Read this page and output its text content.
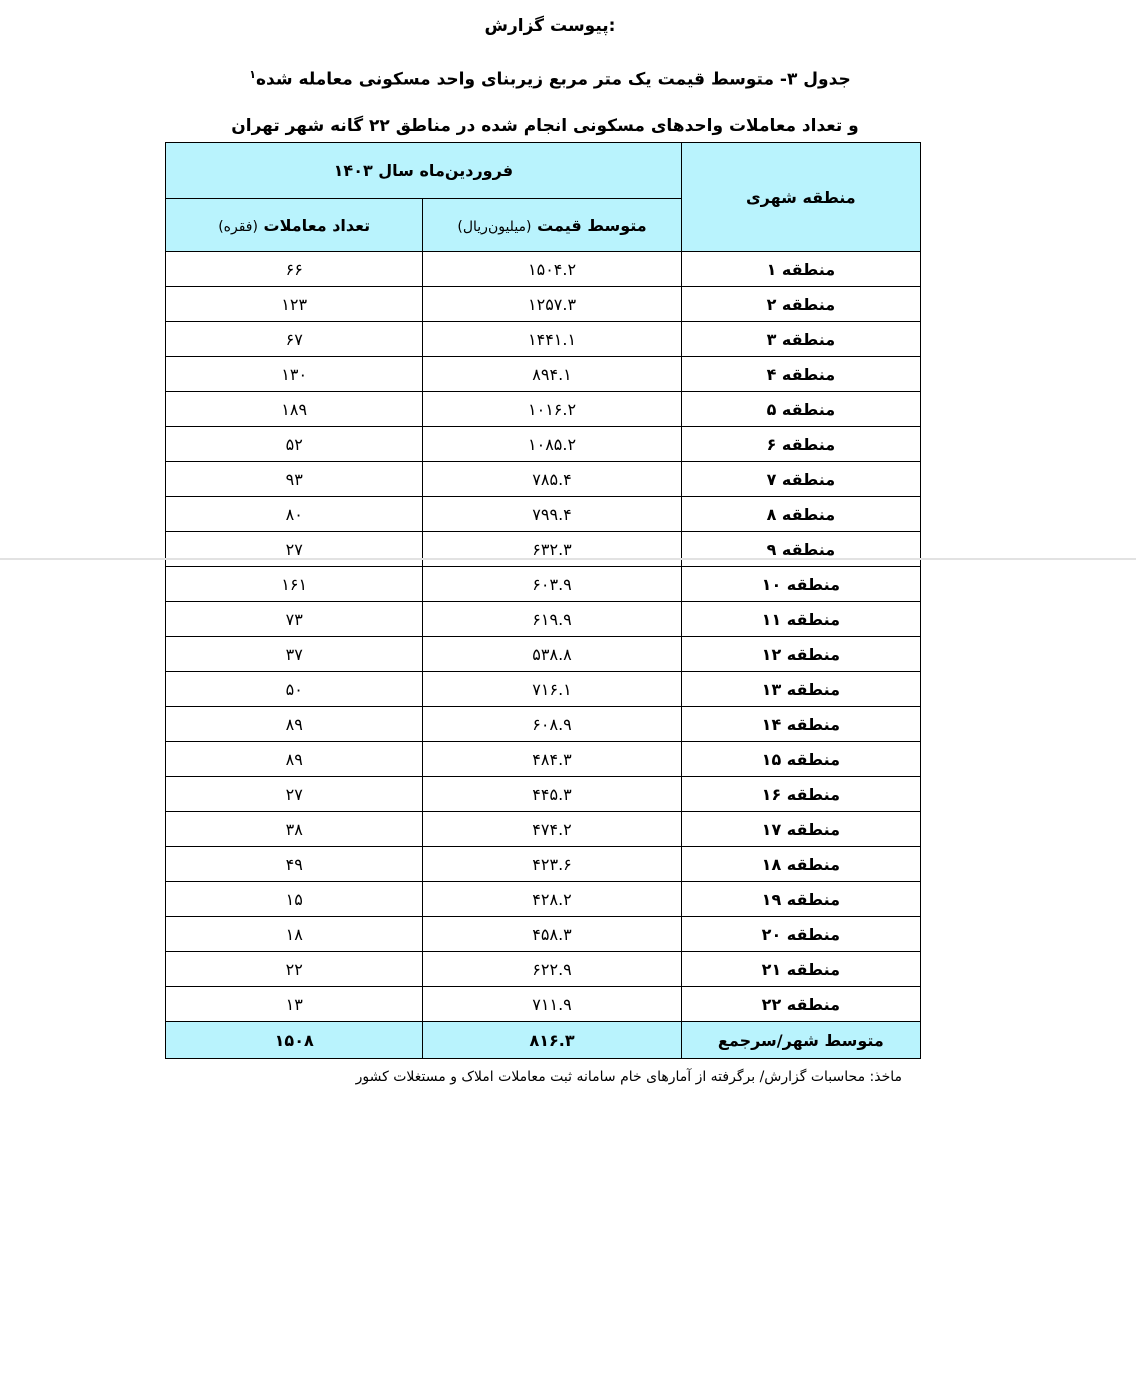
پیوست گزارش:
جدول ۳- متوسط قیمت یک متر مربع زیربنای واحد مسکونی معامله شده$^۱$
و تعداد معاملات واحدهای مسکونی انجام شده در مناطق ۲۲ گانه شهر تهران
منطقه شهری	فروردین‌ماه سال ۱۴۰۳	
	متوسط قیمت (میلیون‌ریال)	تعداد معاملات (فقره)
منطقه ۱	۱۵۰۴.۲	۶۶
منطقه ۲	۱۲۵۷.۳	۱۲۳
منطقه ۳	۱۴۴۱.۱	۶۷
منطقه ۴	۸۹۴.۱	۱۳۰
منطقه ۵	۱۰۱۶.۲	۱۸۹
منطقه ۶	۱۰۸۵.۲	۵۲
منطقه ۷	۷۸۵.۴	۹۳
منطقه ۸	۷۹۹.۴	۸۰
منطقه ۹	۶۳۲.۳	۲۷
منطقه ۱۰	۶۰۳.۹	۱۶۱
منطقه ۱۱	۶۱۹.۹	۷۳
منطقه ۱۲	۵۳۸.۸	۳۷
منطقه ۱۳	۷۱۶.۱	۵۰
منطقه ۱۴	۶۰۸.۹	۸۹
منطقه ۱۵	۴۸۴.۳	۸۹
منطقه ۱۶	۴۴۵.۳	۲۷
منطقه ۱۷	۴۷۴.۲	۳۸
منطقه ۱۸	۴۲۳.۶	۴۹
منطقه ۱۹	۴۲۸.۲	۱۵
منطقه ۲۰	۴۵۸.۳	۱۸
منطقه ۲۱	۶۲۲.۹	۲۲
منطقه ۲۲	۷۱۱.۹	۱۳
متوسط شهر/سرجمع	۸۱۶.۳	۱۵۰۸
ماخذ: محاسبات گزارش/ برگرفته از آمارهای خام سامانه ثبت معاملات املاک و مستغلات کشور
